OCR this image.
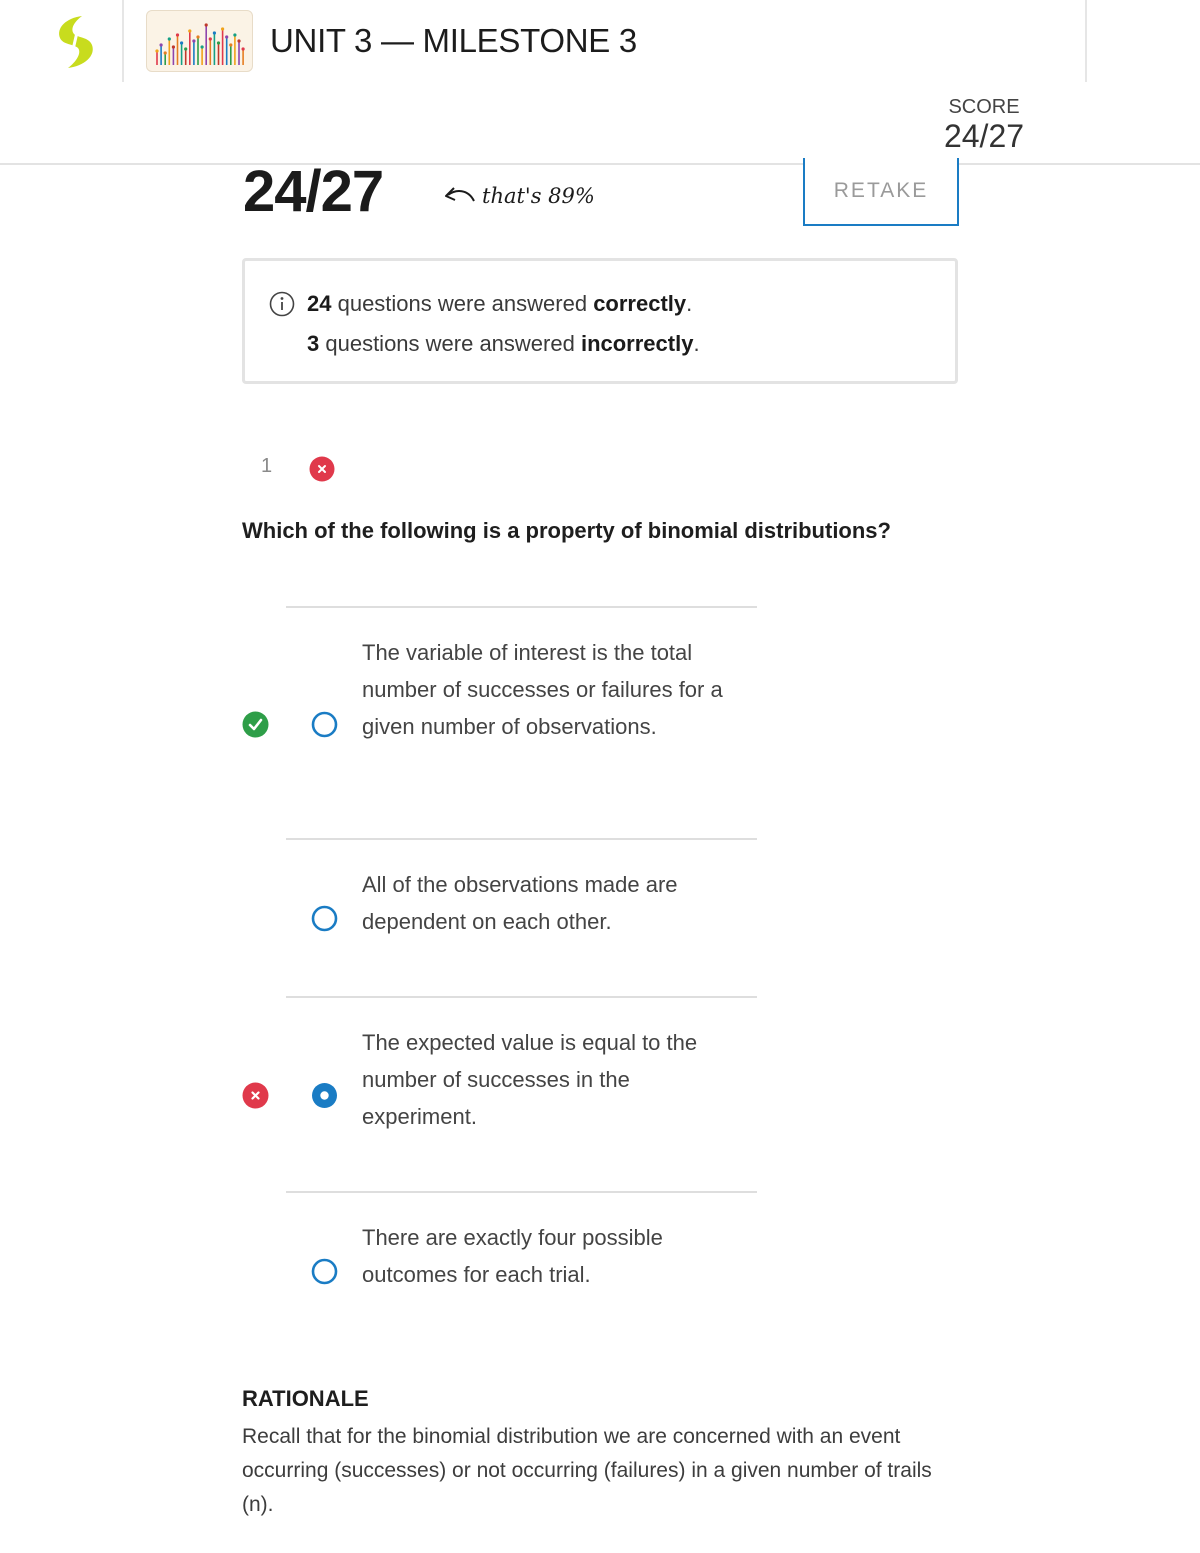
UNIT 3 — MILESTONE 3
SCORE
24/27
24/27	that's 89%	RETAKE
24 questions were answered correctly.
3 questions were answered incorrectly.
1
Which of the following is a property of binomial distributions?
The variable of interest is the total number of successes or failures for a given number of observations.
All of the observations made are dependent on each other.
The expected value is equal to the number of successes in the experiment.
There are exactly four possible outcomes for each trial.
RATIONALE
Recall that for the binomial distribution we are concerned with an event occurring (successes) or not occurring (failures) in a given number of trails (n).
